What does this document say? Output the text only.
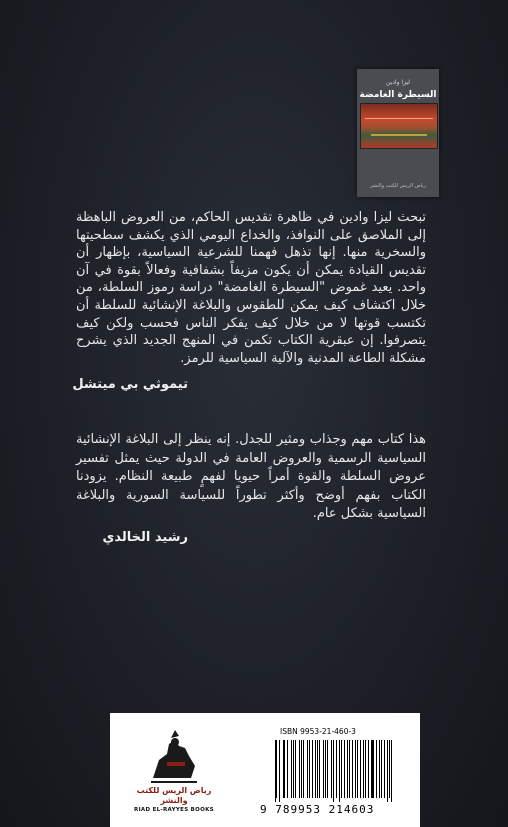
ليزا وادين
السيطرة الغامضة
رياض الريس للكتب والنشر
تبحث ليزا وادين في ظاهرة تقديس الحاكم، من العروض الباهظة إلى الملاصق على النوافذ، والخداع اليومي الذي يكشف سطحيتها والسخرية منها. إنها تذهل فهمنا للشرعية السياسية، بإظهار أن تقديس القيادة يمكن أن يكون مزيفاً بشفافية وفعالاً بقوة في آن واحد. يعيد غموض "السيطرة الغامضة" دراسة رموز السلطة، من خلال اكتشاف كيف يمكن للطقوس والبلاغة الإنشائية للسلطة أن تكتسب قوتها لا من خلال كيف يفكر الناس فحسب ولكن كيف يتصرفوا. إن عبقرية الكتاب تكمن في المنهج الجديد الذي يشرح مشكلة الطاعة المدنية والآلية السياسية للرمز.
تيموثي بي ميتشل
هذا كتاب مهم وجذاب ومثير للجدل. إنه ينظر إلى البلاغة الإنشائية السياسية الرسمية والعروض العامة في الدولة حيث يمثل تفسير عروض السلطة والقوة أمراً حيويا لفهمٍ طبيعة النظام. يزودنا الكتاب بفهم أوضح وأكثر تطوراً للسياسة السورية والبلاغة السياسية بشكل عام.
رشيد الخالدي
رياض الريس للكتب والنشر
RIAD EL-RAYYES BOOKS
ISBN 9953-21-460-3
9 789953 214603
